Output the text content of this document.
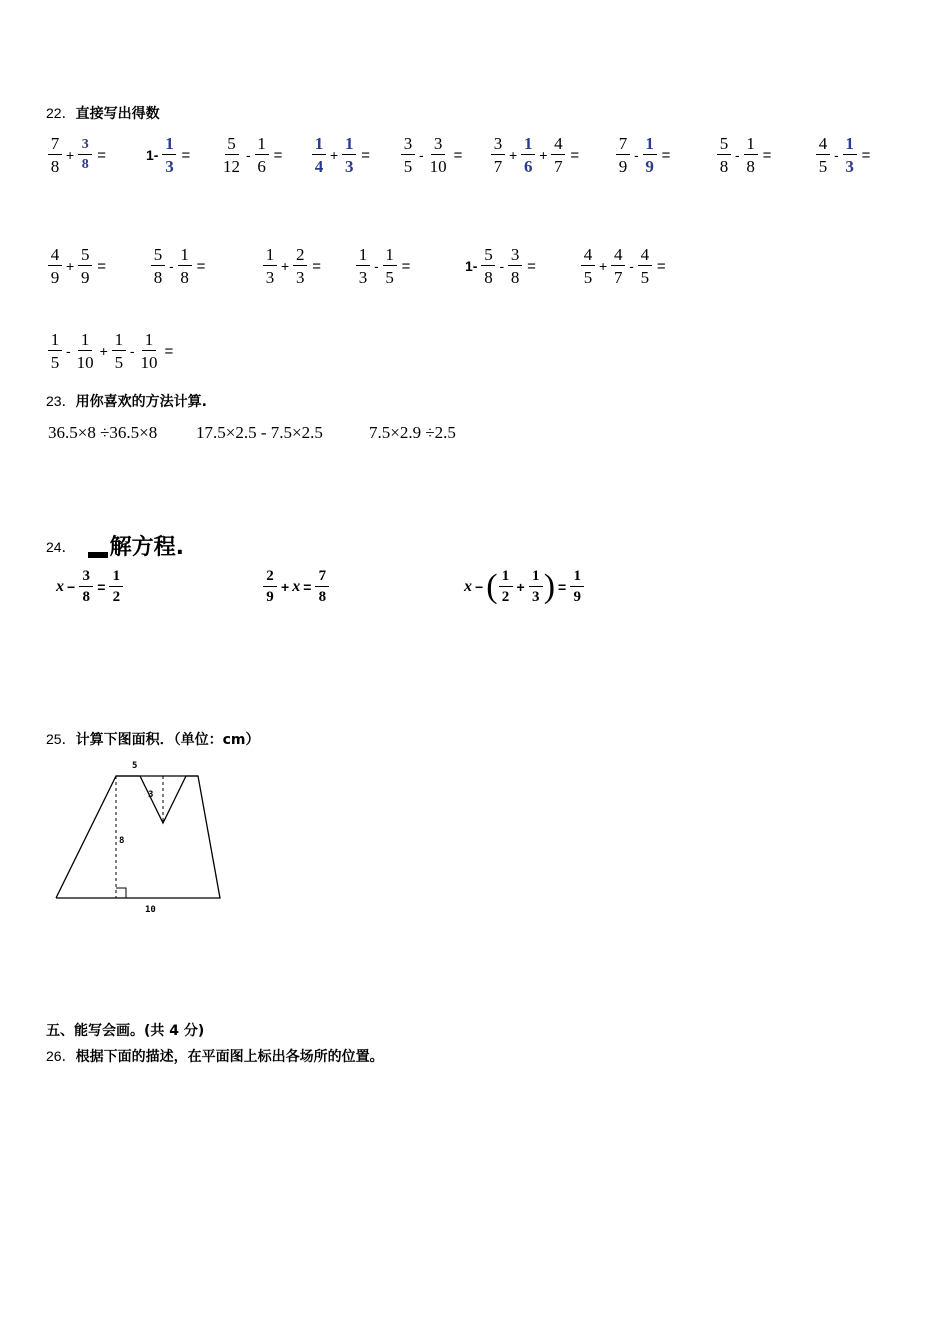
22．直接写出得数
$\frac{7}{8} + \frac{3}{8}$ =	$1- \frac{1}{3} = \frac{5}{12} - \frac{1}{6} = \frac{1}{4} + \frac{1}{3} = \frac{3}{5} - \frac{3}{10} = \frac{3}{7} + \frac{1}{6} + \frac{4}{7} = \frac{7}{9} - \frac{1}{9}$ =	$\frac{5}{8} - \frac{1}{8}$ =	$\frac{4}{5} - \frac{1}{3}$ =
$\frac{4}{9} + \frac{5}{9}$ =	$\frac{5}{8} - \frac{1}{8}$ =	$\frac{1}{3} + \frac{2}{3} = \frac{1}{3} - \frac{1}{5}$ =	$1- \frac{5}{8} - \frac{3}{8}$ =	$\frac{4}{5} + \frac{4}{7} - \frac{4}{5}$ =
$\frac{1}{5} - \frac{1}{10} + \frac{1}{5} - \frac{1}{10}$ =
23．用你喜欢的方法计算.
36.5×8 ÷36.5×8 17.5×2.5 - 7.5×2.5	7.5×2.9 ÷2.5
24． 解方程.
$x - \frac{3}{8} = \frac{1}{2}$	$\frac{2}{9} + x = \frac{7}{8}$	x − ( $\frac{1}{2} + \frac{1}{3}$ ) = $\frac{1}{9}$
25．计算下图面积．（单位：cm）
5
3
8
10
五、能写会画。(共 4 分)
26．根据下面的描述，在平面图上标出各场所的位置。
